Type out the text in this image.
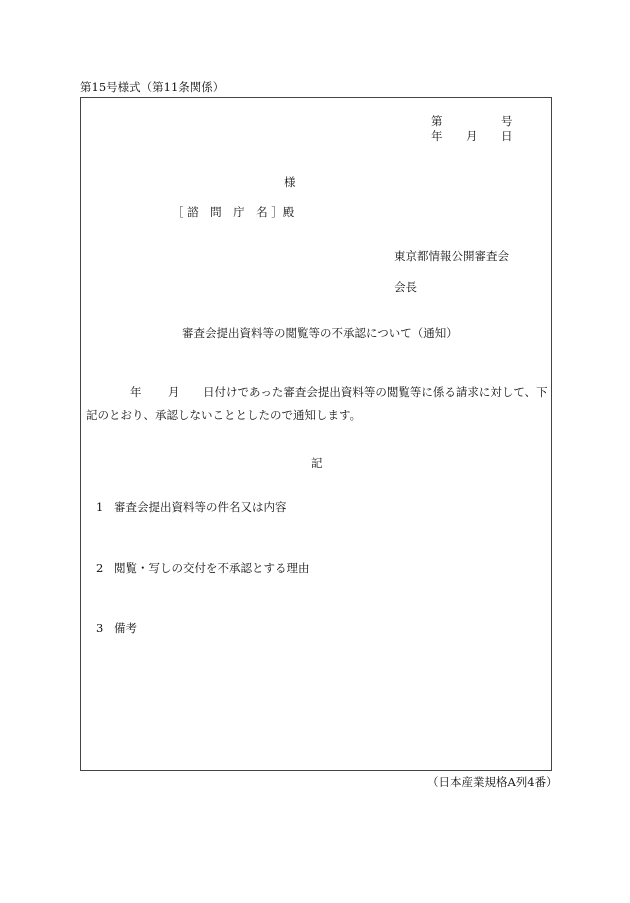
第15号様式（第11条関係）
第	号
年 月 日
様
［ 諮　問　庁　名 ］殿
東京都情報公開審査会
会長
審査会提出資料等の閲覧等の不承認について（通知）
年 月 日付けであった審査会提出資料等の閲覧等に係る請求に対して、下
記のとおり、承認しないこととしたので通知します。
記
1 審査会提出資料等の件名又は内容
2 閲覧・写しの交付を不承認とする理由
3 備考
（日本産業規格A列4番）
